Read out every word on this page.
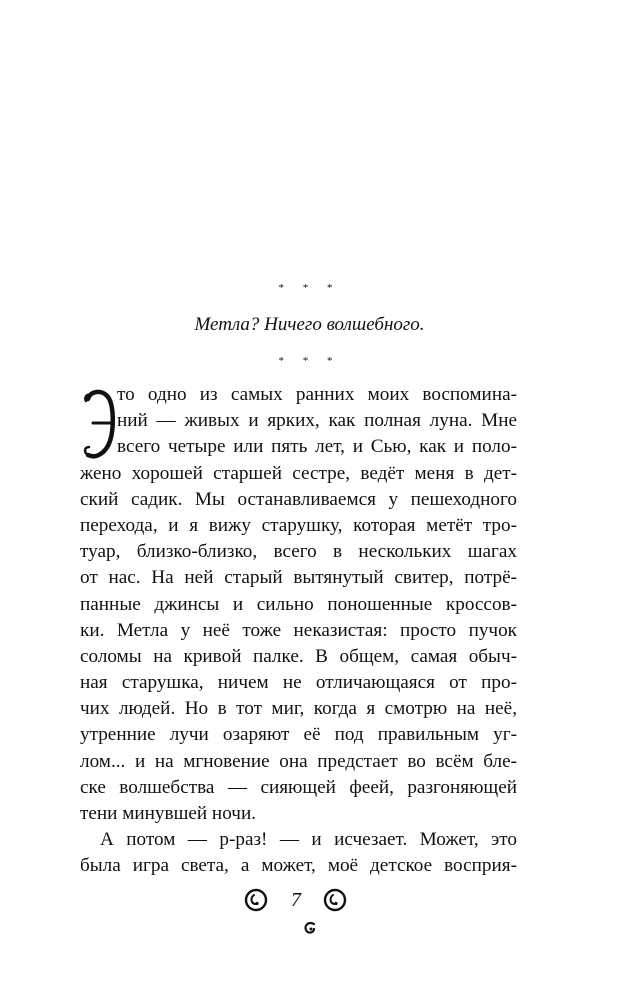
* * *
Метла? Ничего волшебного.
* * *
то одно из самых ранних моих воспомина-
ний — живых и ярких, как полная луна. Мне
всего четыре или пять лет, и Сью, как и поло-
жено хорошей старшей сестре, ведёт меня в дет-
ский садик. Мы останавливаемся у пешеходного
перехода, и я вижу старушку, которая метёт тро-
туар, близко-близко, всего в нескольких шагах
от нас. На ней старый вытянутый свитер, потрё-
панные джинсы и сильно поношенные кроссов-
ки. Метла у неё тоже неказистая: просто пучок
соломы на кривой палке. В общем, самая обыч-
ная старушка, ничем не отличающаяся от про-
чих людей. Но в тот миг, когда я смотрю на неё,
утренние лучи озаряют её под правильным уг-
лом... и на мгновение она предстает во всём бле-
ске волшебства — сияющей феей, разгоняющей
тени минувшей ночи.
А потом — р-раз! — и исчезает. Может, это
была игра света, а может, моё детское восприя-
7
